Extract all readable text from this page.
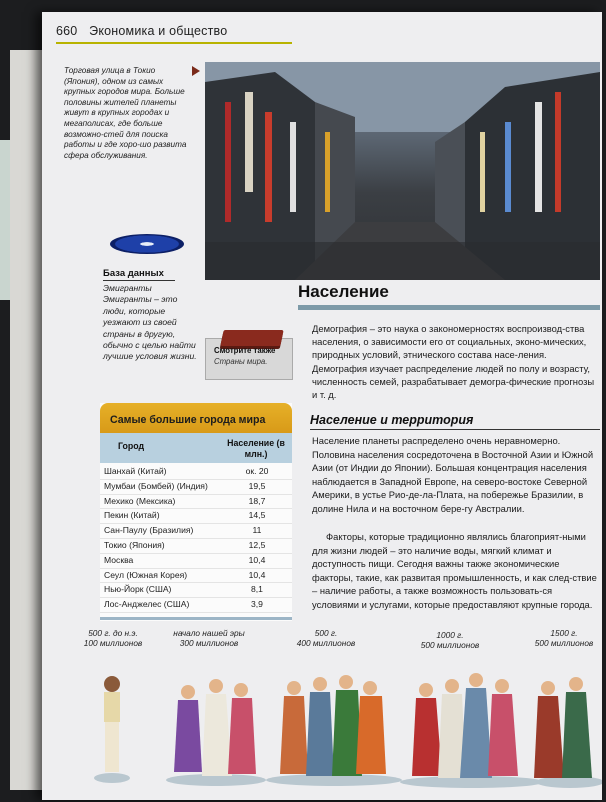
660 Экономика и общество
Торговая улица в Токио (Япония), одном из самых крупных городов мира. Больше половины жителей планеты живут в крупных городах и мегаполисах, где больше возможно-стей для поиска работы и где хоро-шо развита сфера обслуживания.
База данных
Эмигранты Эмигранты – это люди, которые уезжают из своей страны в другую, обычно с целью найти лучшие условия жизни.
Смотрите также
Страны мира.
Население
Демография – это наука о закономерностях воспроизвод-ства населения, о зависимости его от социальных, эконо-мических, природных условий, этнического состава насе-ления. Демография изучает распределение людей по полу и возрасту, численность семей, разрабатывает демогра-фические прогнозы и т. д.
Население и территория
Население планеты распределено очень неравномерно. Половина населения сосредоточена в Восточной Азии и Южной Азии (от Индии до Японии). Большая концентрация населения наблюдается в Западной Европе, на северо-востоке Северной Америки, в устье Рио-де-ла-Плата, на побережье Бразилии, в долине Нила и на восточном бере-гу Австралии.
Факторы, которые традиционно являлись благоприят-ными для жизни людей – это наличие воды, мягкий климат и доступность пищи. Сегодня важны также экономические факторы, такие, как развитая промышленность, и как след-ствие – наличие работы, а также возможность пользовать-ся условиями и услугами, которые предоставляют крупные города.
Самые большие города мира
Город	Население (в млн.)
Шанхай (Китай)	ок. 20
Мумбаи (Бомбей) (Индия)	19,5
Мехико (Мексика)	18,7
Пекин (Китай)	14,5
Сан-Паулу (Бразилия)	11
Токио (Япония)	12,5
Москва	10,4
Сеул (Южная Корея)	10,4
Нью-Йорк (США)	8,1
Лос-Анджелес (США)	3,9
500 г. до н.э.
100 миллионов
начало нашей эры
300 миллионов
500 г.
400 миллионов
1000 г.
500 миллионов
1500 г.
500 миллионов
